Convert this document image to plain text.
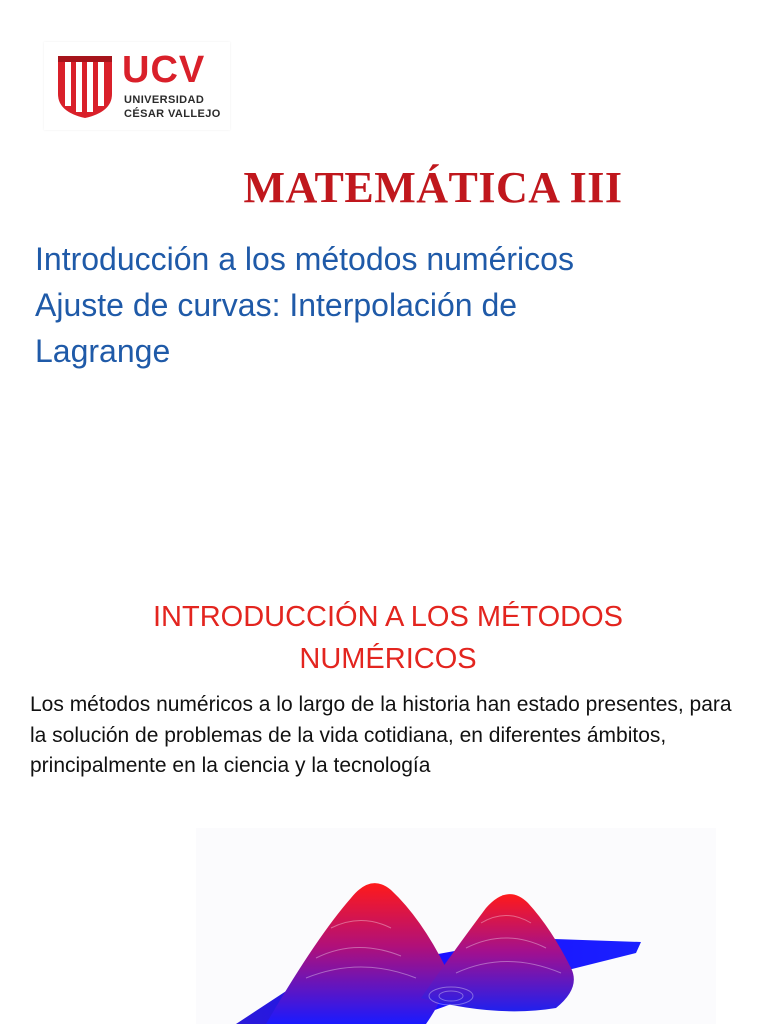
UCV
UNIVERSIDAD
CÉSAR VALLEJO
MATEMÁTICA III
Introducción a los métodos numéricos
Ajuste de curvas: Interpolación de
Lagrange
INTRODUCCIÓN A LOS MÉTODOS
NUMÉRICOS
Los métodos numéricos a lo largo de la historia han estado presentes, para la solución de problemas de la vida cotidiana, en diferentes ámbitos, principalmente en la ciencia y la tecnología
